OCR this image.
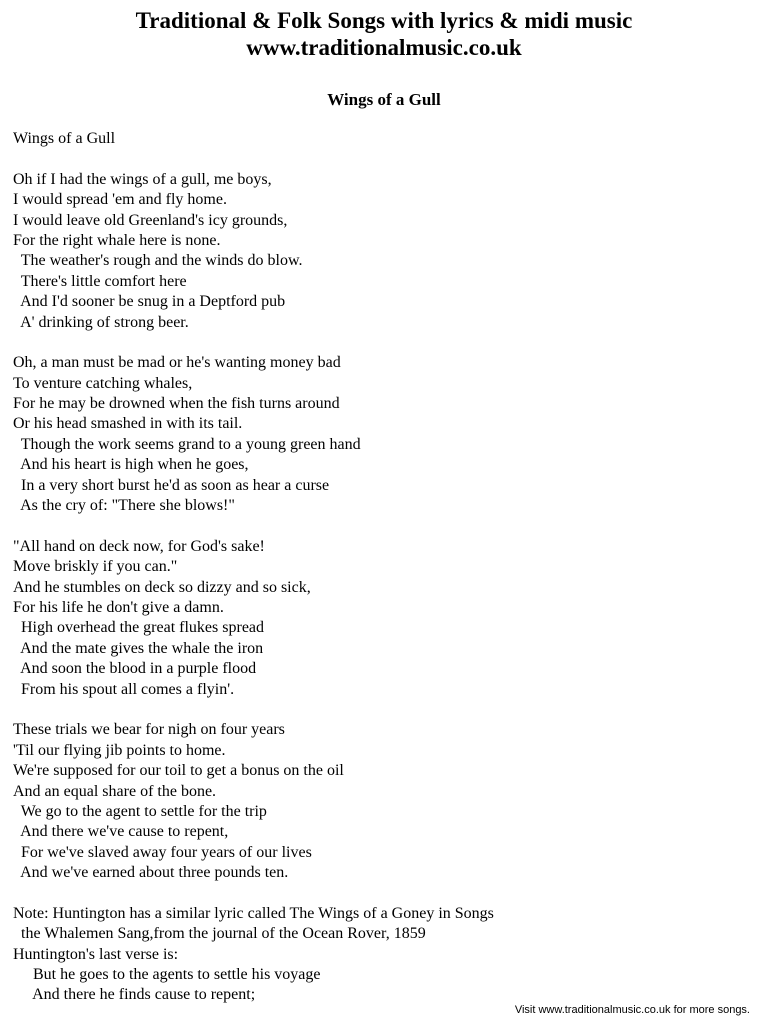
Traditional & Folk Songs with lyrics & midi music
www.traditionalmusic.co.uk
Wings of a Gull
Wings of a Gull
Oh if I had the wings of a gull, me boys,
I would spread 'em and fly home.
I would leave old Greenland's icy grounds,
For the right whale here is none.
The weather's rough and the winds do blow.
There's little comfort here
And I'd sooner be snug in a Deptford pub
A' drinking of strong beer.
Oh, a man must be mad or he's wanting money bad
To venture catching whales,
For he may be drowned when the fish turns around
Or his head smashed in with its tail.
Though the work seems grand to a young green hand
And his heart is high when he goes,
In a very short burst he'd as soon as hear a curse
As the cry of: "There she blows!"
"All hand on deck now, for God's sake!
Move briskly if you can."
And he stumbles on deck so dizzy and so sick,
For his life he don't give a damn.
High overhead the great flukes spread
And the mate gives the whale the iron
And soon the blood in a purple flood
From his spout all comes a flyin'.
These trials we bear for nigh on four years
'Til our flying jib points to home.
We're supposed for our toil to get a bonus on the oil
And an equal share of the bone.
We go to the agent to settle for the trip
And there we've cause to repent,
For we've slaved away four years of our lives
And we've earned about three pounds ten.
Note: Huntington has a similar lyric called The Wings of a Goney in Songs
the Whalemen Sang,from the journal of the Ocean Rover, 1859
Huntington's last verse is:
But he goes to the agents to settle his voyage
And there he finds cause to repent;
Visit www.traditionalmusic.co.uk for more songs.
